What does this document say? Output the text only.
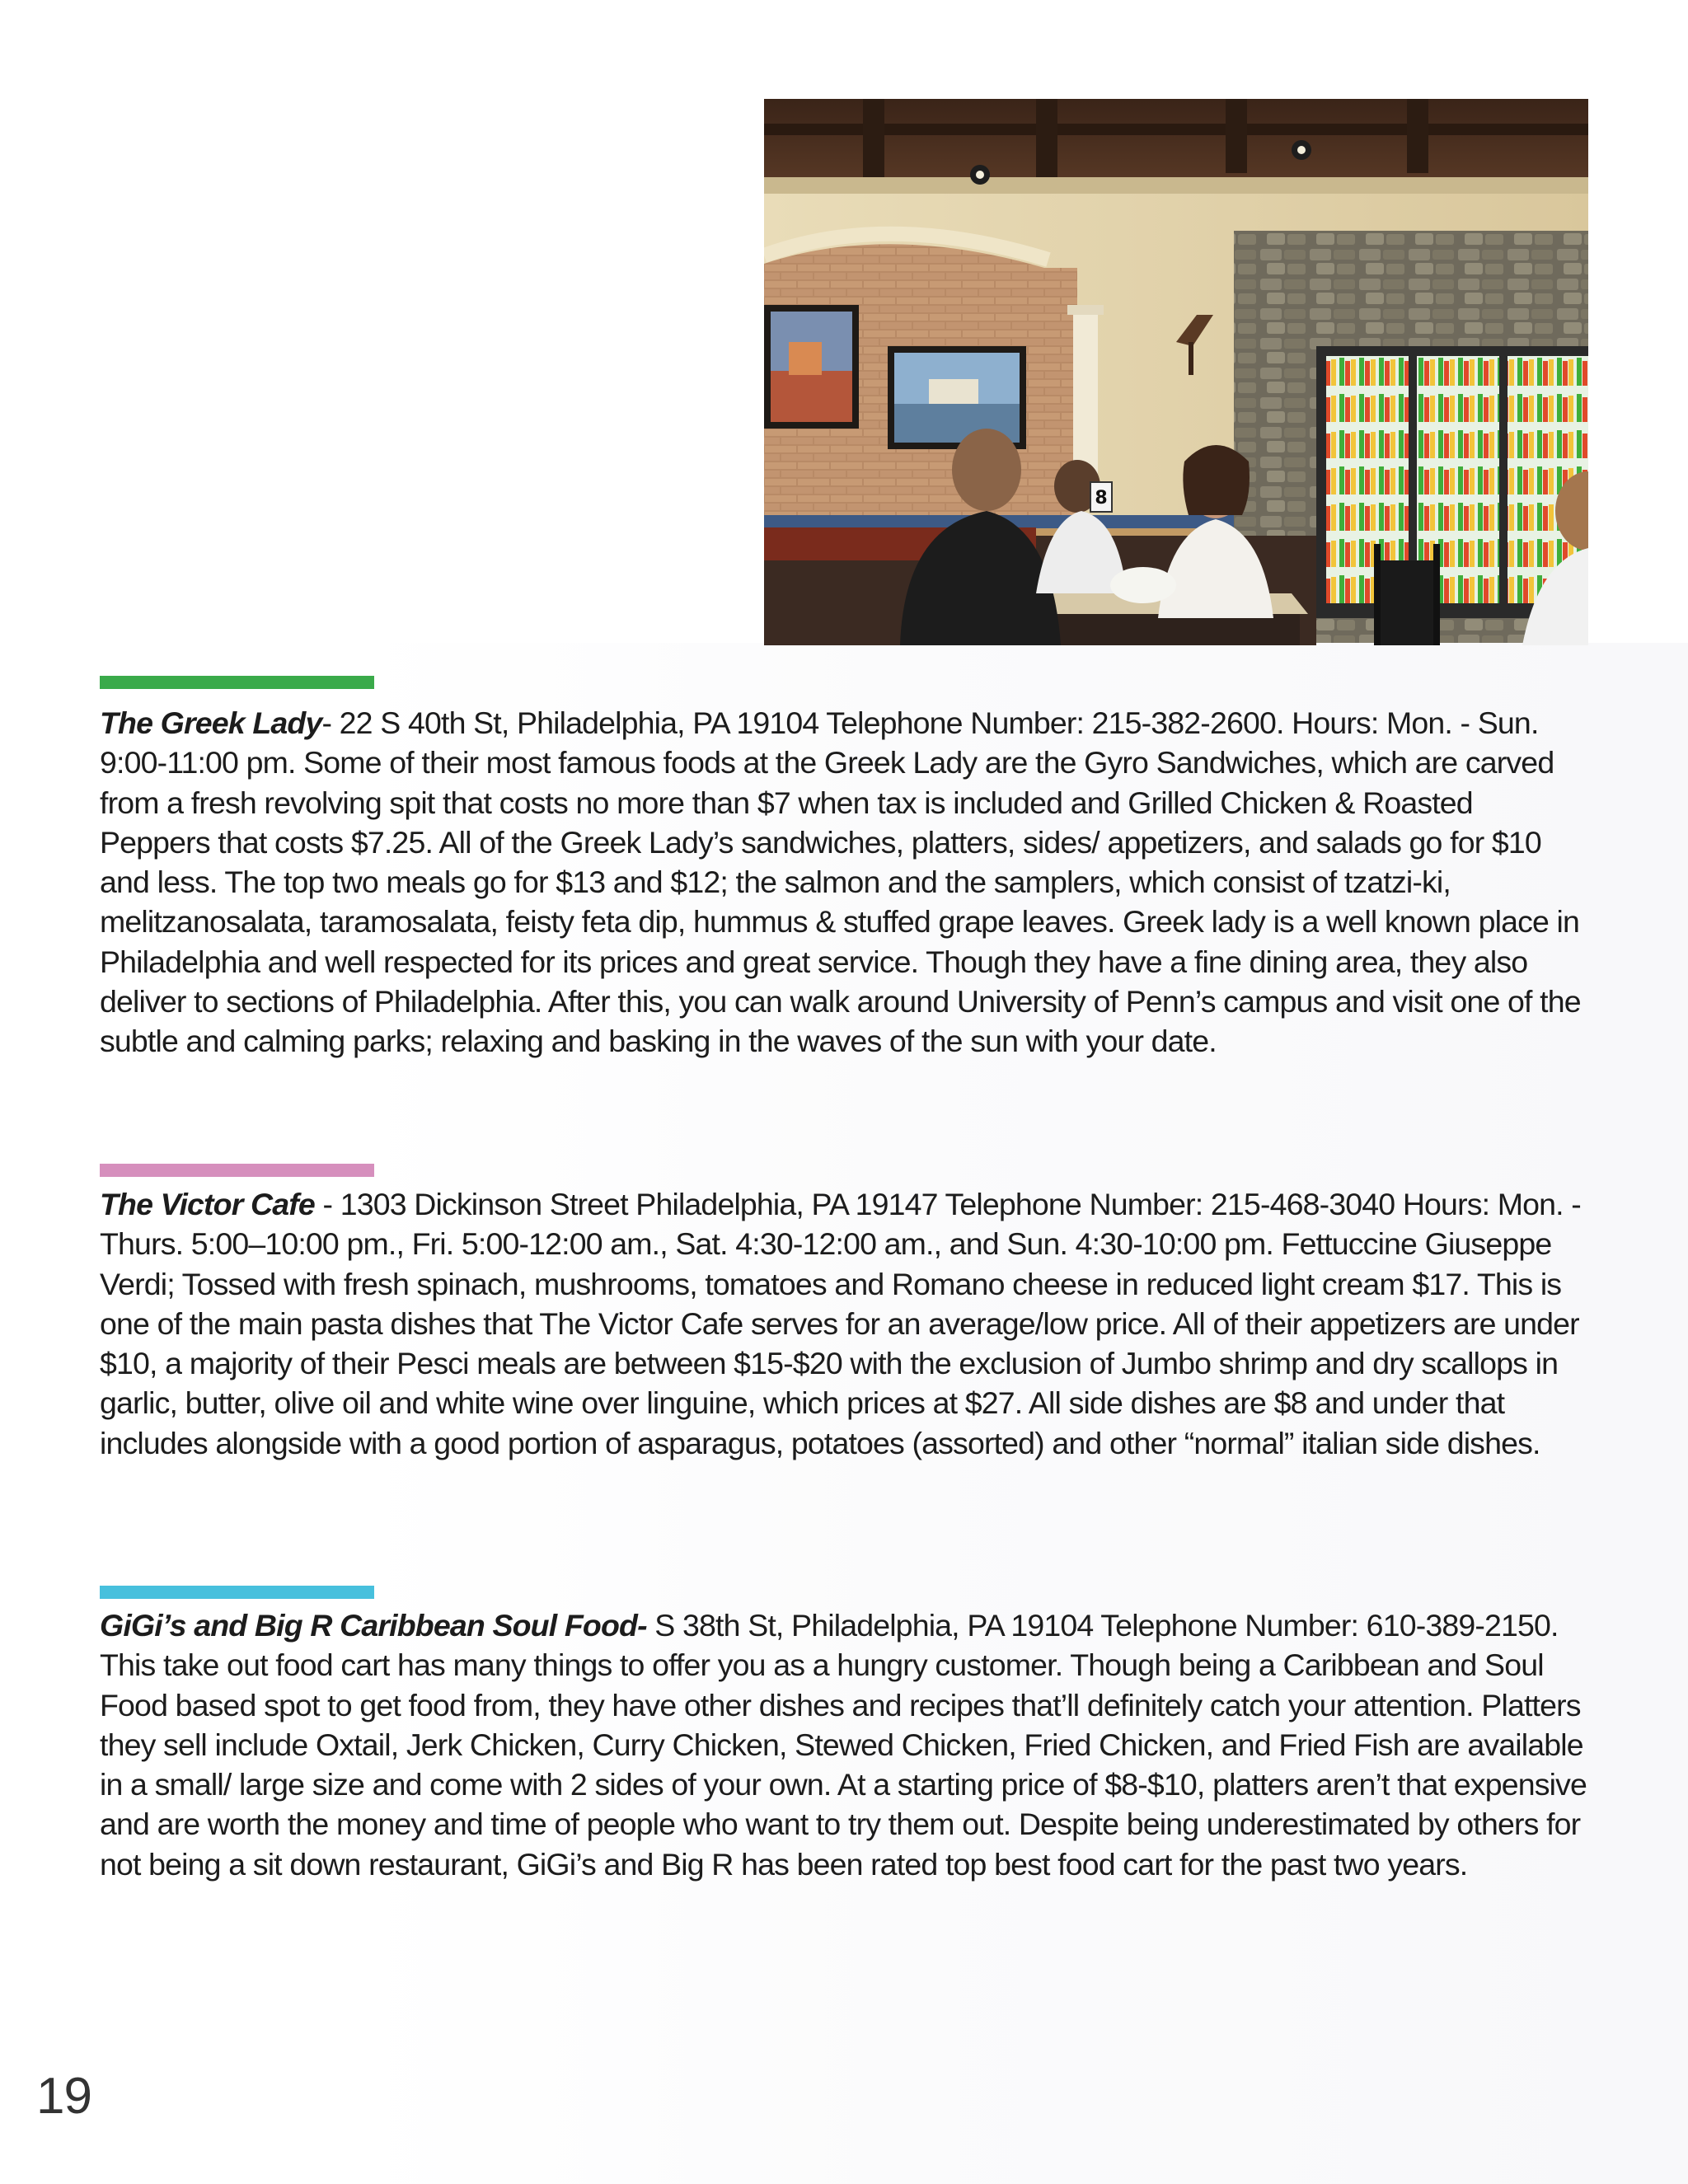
8
The Greek Lady- 22 S 40th St, Philadelphia, PA 19104 Telephone Number: 215-382-2600. Hours: Mon. - Sun. 9:00-11:00 pm. Some of their most famous foods at the Greek Lady are the Gyro Sandwiches, which are carved from a fresh revolving spit that costs no more than $7 when tax is included and Grilled Chicken & Roasted Peppers that costs $7.25. All of the Greek Lady’s sandwiches, platters, sides/ appetizers, and salads go for $10 and less. The top two meals go for $13 and $12; the salmon and the samplers, which consist of tzatzi-ki, melitzanosalata, taramosalata, feisty feta dip, hummus & stuffed grape leaves. Greek lady is a well known place in Philadelphia and well respected for its prices and great service. Though they have a fine dining area, they also deliver to sections of Philadelphia. After this, you can walk around University of Penn’s campus and visit one of the subtle and calming parks; relaxing and basking in the waves of the sun with your date.
The Victor Cafe - 1303 Dickinson Street Philadelphia, PA 19147 Telephone Number: 215-468-3040 Hours: Mon. - Thurs. 5:00–10:00 pm., Fri. 5:00-12:00 am., Sat. 4:30-12:00 am., and Sun. 4:30-10:00 pm. Fettuccine Giuseppe Verdi; Tossed with fresh spinach, mushrooms, tomatoes and Romano cheese in reduced light cream $17. This is one of the main pasta dishes that The Victor Cafe serves for an average/low price. All of their appetizers are under $10, a majority of their Pesci meals are between $15-$20 with the exclusion of Jumbo shrimp and dry scallops in garlic, butter, olive oil and white wine over linguine, which prices at $27. All side dishes are $8 and under that includes alongside with a good portion of asparagus, potatoes (assorted) and other “normal” italian side dishes.
GiGi’s and Big R Caribbean Soul Food- S 38th St, Philadelphia, PA 19104 Telephone Number: 610-389-2150. This take out food cart has many things to offer you as a hungry customer. Though being a Caribbean and Soul Food based spot to get food from, they have other dishes and recipes that’ll definitely catch your attention. Platters they sell include Oxtail, Jerk Chicken, Curry Chicken, Stewed Chicken, Fried Chicken, and Fried Fish are available in a small/ large size and come with 2 sides of your own. At a starting price of $8-$10, platters aren’t that expensive and are worth the money and time of people who want to try them out. Despite being underestimated by others for not being a sit down restaurant, GiGi’s and Big R has been rated top best food cart for the past two years.
19
